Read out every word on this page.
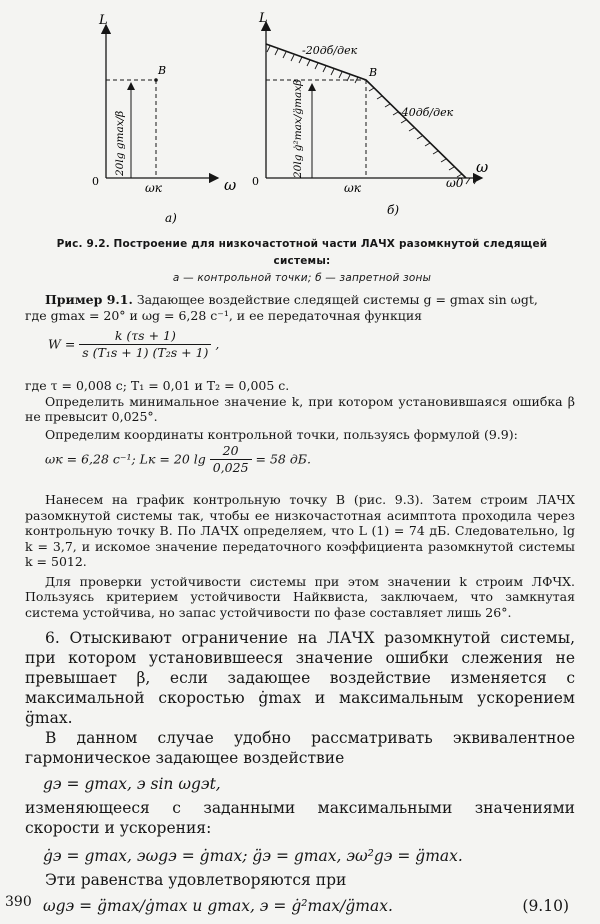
L
0	ω
ωк
B
20lg gmax/β
а)
L
0
ω
ωк	ω0
B
-20дб/дек
-40дб/дек
20lg ġ²max/g̈maxβ
б)
Рис. 9.2. Построение для низкочастотной части ЛАЧХ разомкнутой следящей системы:
а — контрольной точки; б — запретной зоны
Пример 9.1. Задающее воздействие следящей системы g = gmax sin ωgt,
где gmax = 20° и ωg = 6,28 с⁻¹, и ее передаточная функция
$W = \frac{k (\tau s + 1)}{\text{s (T₁s + 1) (T₂s + 1)}}$ ,
где τ = 0,008 с; T₁ = 0,01 и T₂ = 0,005 с.
Определить минимальное значение k, при котором установившаяся ошибка β не превысит 0,025°.
Определим координаты контрольной точки, пользуясь формулой (9.9):
ωк = 6,28 с⁻¹; Lк = 20 $\lg \frac{20}{0,025} = 58$ дБ.
Нанесем на график контрольную точку B (рис. 9.3). Затем строим ЛАЧХ разомкнутой системы так, чтобы ее низкочастотная асимптота проходила через контрольную точку B. По ЛАЧХ определяем, что L (1) = 74 дБ. Следовательно, lg k = 3,7, и искомое значение передаточного коэффициента разомкнутой системы k = 5012.
Для проверки устойчивости системы при этом значении k строим ЛФЧХ. Пользуясь критерием устойчивости Найквиста, заключаем, что замкнутая система устойчива, но запас устойчивости по фазе составляет лишь 26°.
6. Отыскивают ограничение на ЛАЧХ разомкнутой системы, при котором установившееся значение ошибки слежения не превышает β, если задающее воздействие изменяется с максимальной скоростью ġmax и максимальным ускорением g̈max.
В данном случае удобно рассматривать эквивалентное гармоническое задающее воздействие
gэ = gmax, э sin ωgэt,
изменяющееся с заданными максимальными значениями скорости и ускорения:
ġэ = gmax, эωgэ = ġmax; g̈э = gmax, эω²gэ = g̈max.
Эти равенства удовлетворяются при
ωgэ = g̈max/ġmax и gmax, э = ġ²max/g̈max.	(9.10)
390
